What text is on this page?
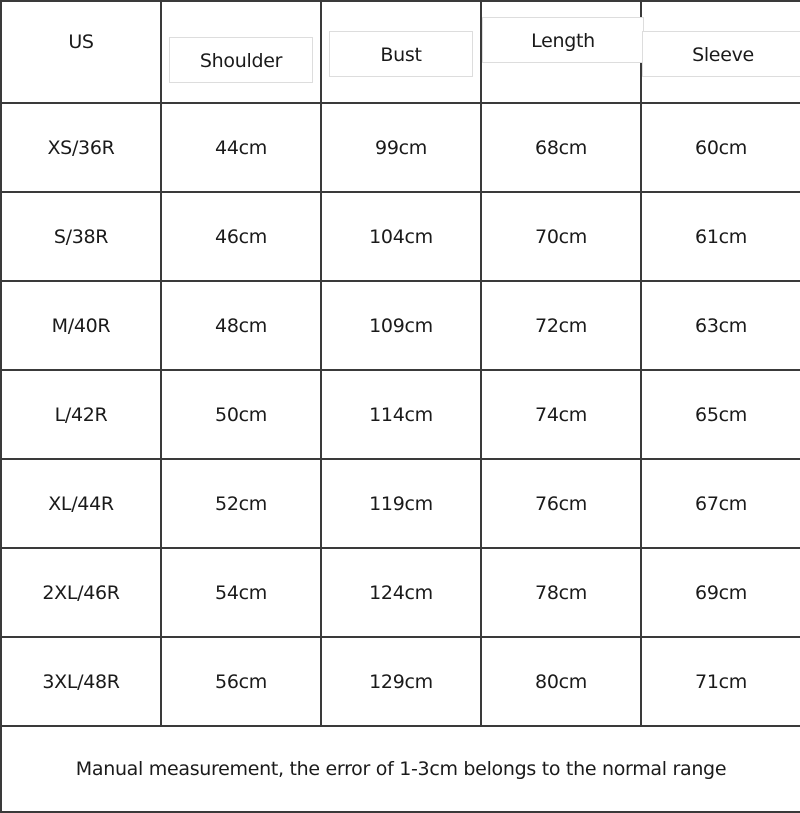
US	Shoulder	Bust	Length	Sleeve
XS/36R	44cm	99cm	68cm	60cm
S/38R	46cm	104cm	70cm	61cm
M/40R	48cm	109cm	72cm	63cm
L/42R	50cm	114cm	74cm	65cm
XL/44R	52cm	119cm	76cm	67cm
2XL/46R	54cm	124cm	78cm	69cm
3XL/48R	56cm	129cm	80cm	71cm
Manual measurement, the error of 1-3cm belongs to the normal range				
